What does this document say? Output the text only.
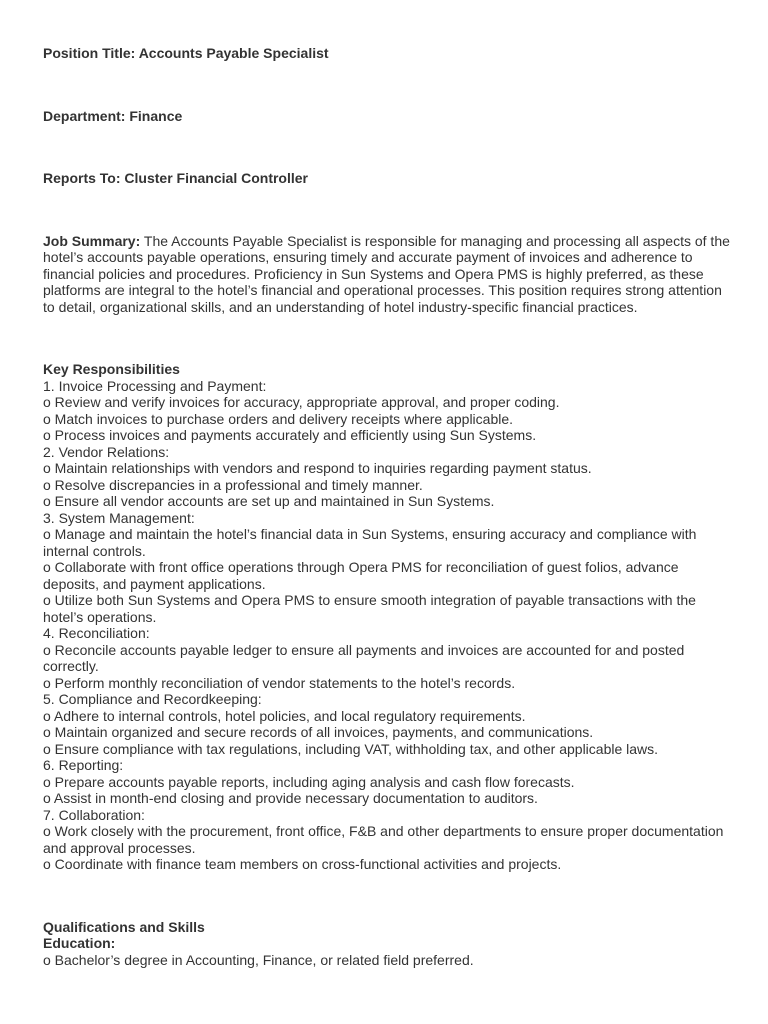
Position Title: Accounts Payable Specialist

Department: Finance

Reports To: Cluster Financial Controller

Job Summary: The Accounts Payable Specialist is responsible for managing and processing all aspects of the hotel’s accounts payable operations, ensuring timely and accurate payment of invoices and adherence to financial policies and procedures. Proficiency in Sun Systems and Opera PMS is highly preferred, as these platforms are integral to the hotel’s financial and operational processes. This position requires strong attention to detail, organizational skills, and an understanding of hotel industry-specific financial practices.

Key Responsibilities
1. Invoice Processing and Payment:
o Review and verify invoices for accuracy, appropriate approval, and proper coding.
o Match invoices to purchase orders and delivery receipts where applicable.
o Process invoices and payments accurately and efficiently using Sun Systems.
2. Vendor Relations:
o Maintain relationships with vendors and respond to inquiries regarding payment status.
o Resolve discrepancies in a professional and timely manner.
o Ensure all vendor accounts are set up and maintained in Sun Systems.
3. System Management:
o Manage and maintain the hotel’s financial data in Sun Systems, ensuring accuracy and compliance with internal controls.
o Collaborate with front office operations through Opera PMS for reconciliation of guest folios, advance deposits, and payment applications.
o Utilize both Sun Systems and Opera PMS to ensure smooth integration of payable transactions with the hotel’s operations.
4. Reconciliation:
o Reconcile accounts payable ledger to ensure all payments and invoices are accounted for and posted correctly.
o Perform monthly reconciliation of vendor statements to the hotel’s records.
5. Compliance and Recordkeeping:
o Adhere to internal controls, hotel policies, and local regulatory requirements.
o Maintain organized and secure records of all invoices, payments, and communications.
o Ensure compliance with tax regulations, including VAT, withholding tax, and other applicable laws.
6. Reporting:
o Prepare accounts payable reports, including aging analysis and cash flow forecasts.
o Assist in month-end closing and provide necessary documentation to auditors.
7. Collaboration:
o Work closely with the procurement, front office, F&B and other departments to ensure proper documentation and approval processes.
o Coordinate with finance team members on cross-functional activities and projects.
Qualifications and Skills
Education:
o Bachelor’s degree in Accounting, Finance, or related field preferred.
